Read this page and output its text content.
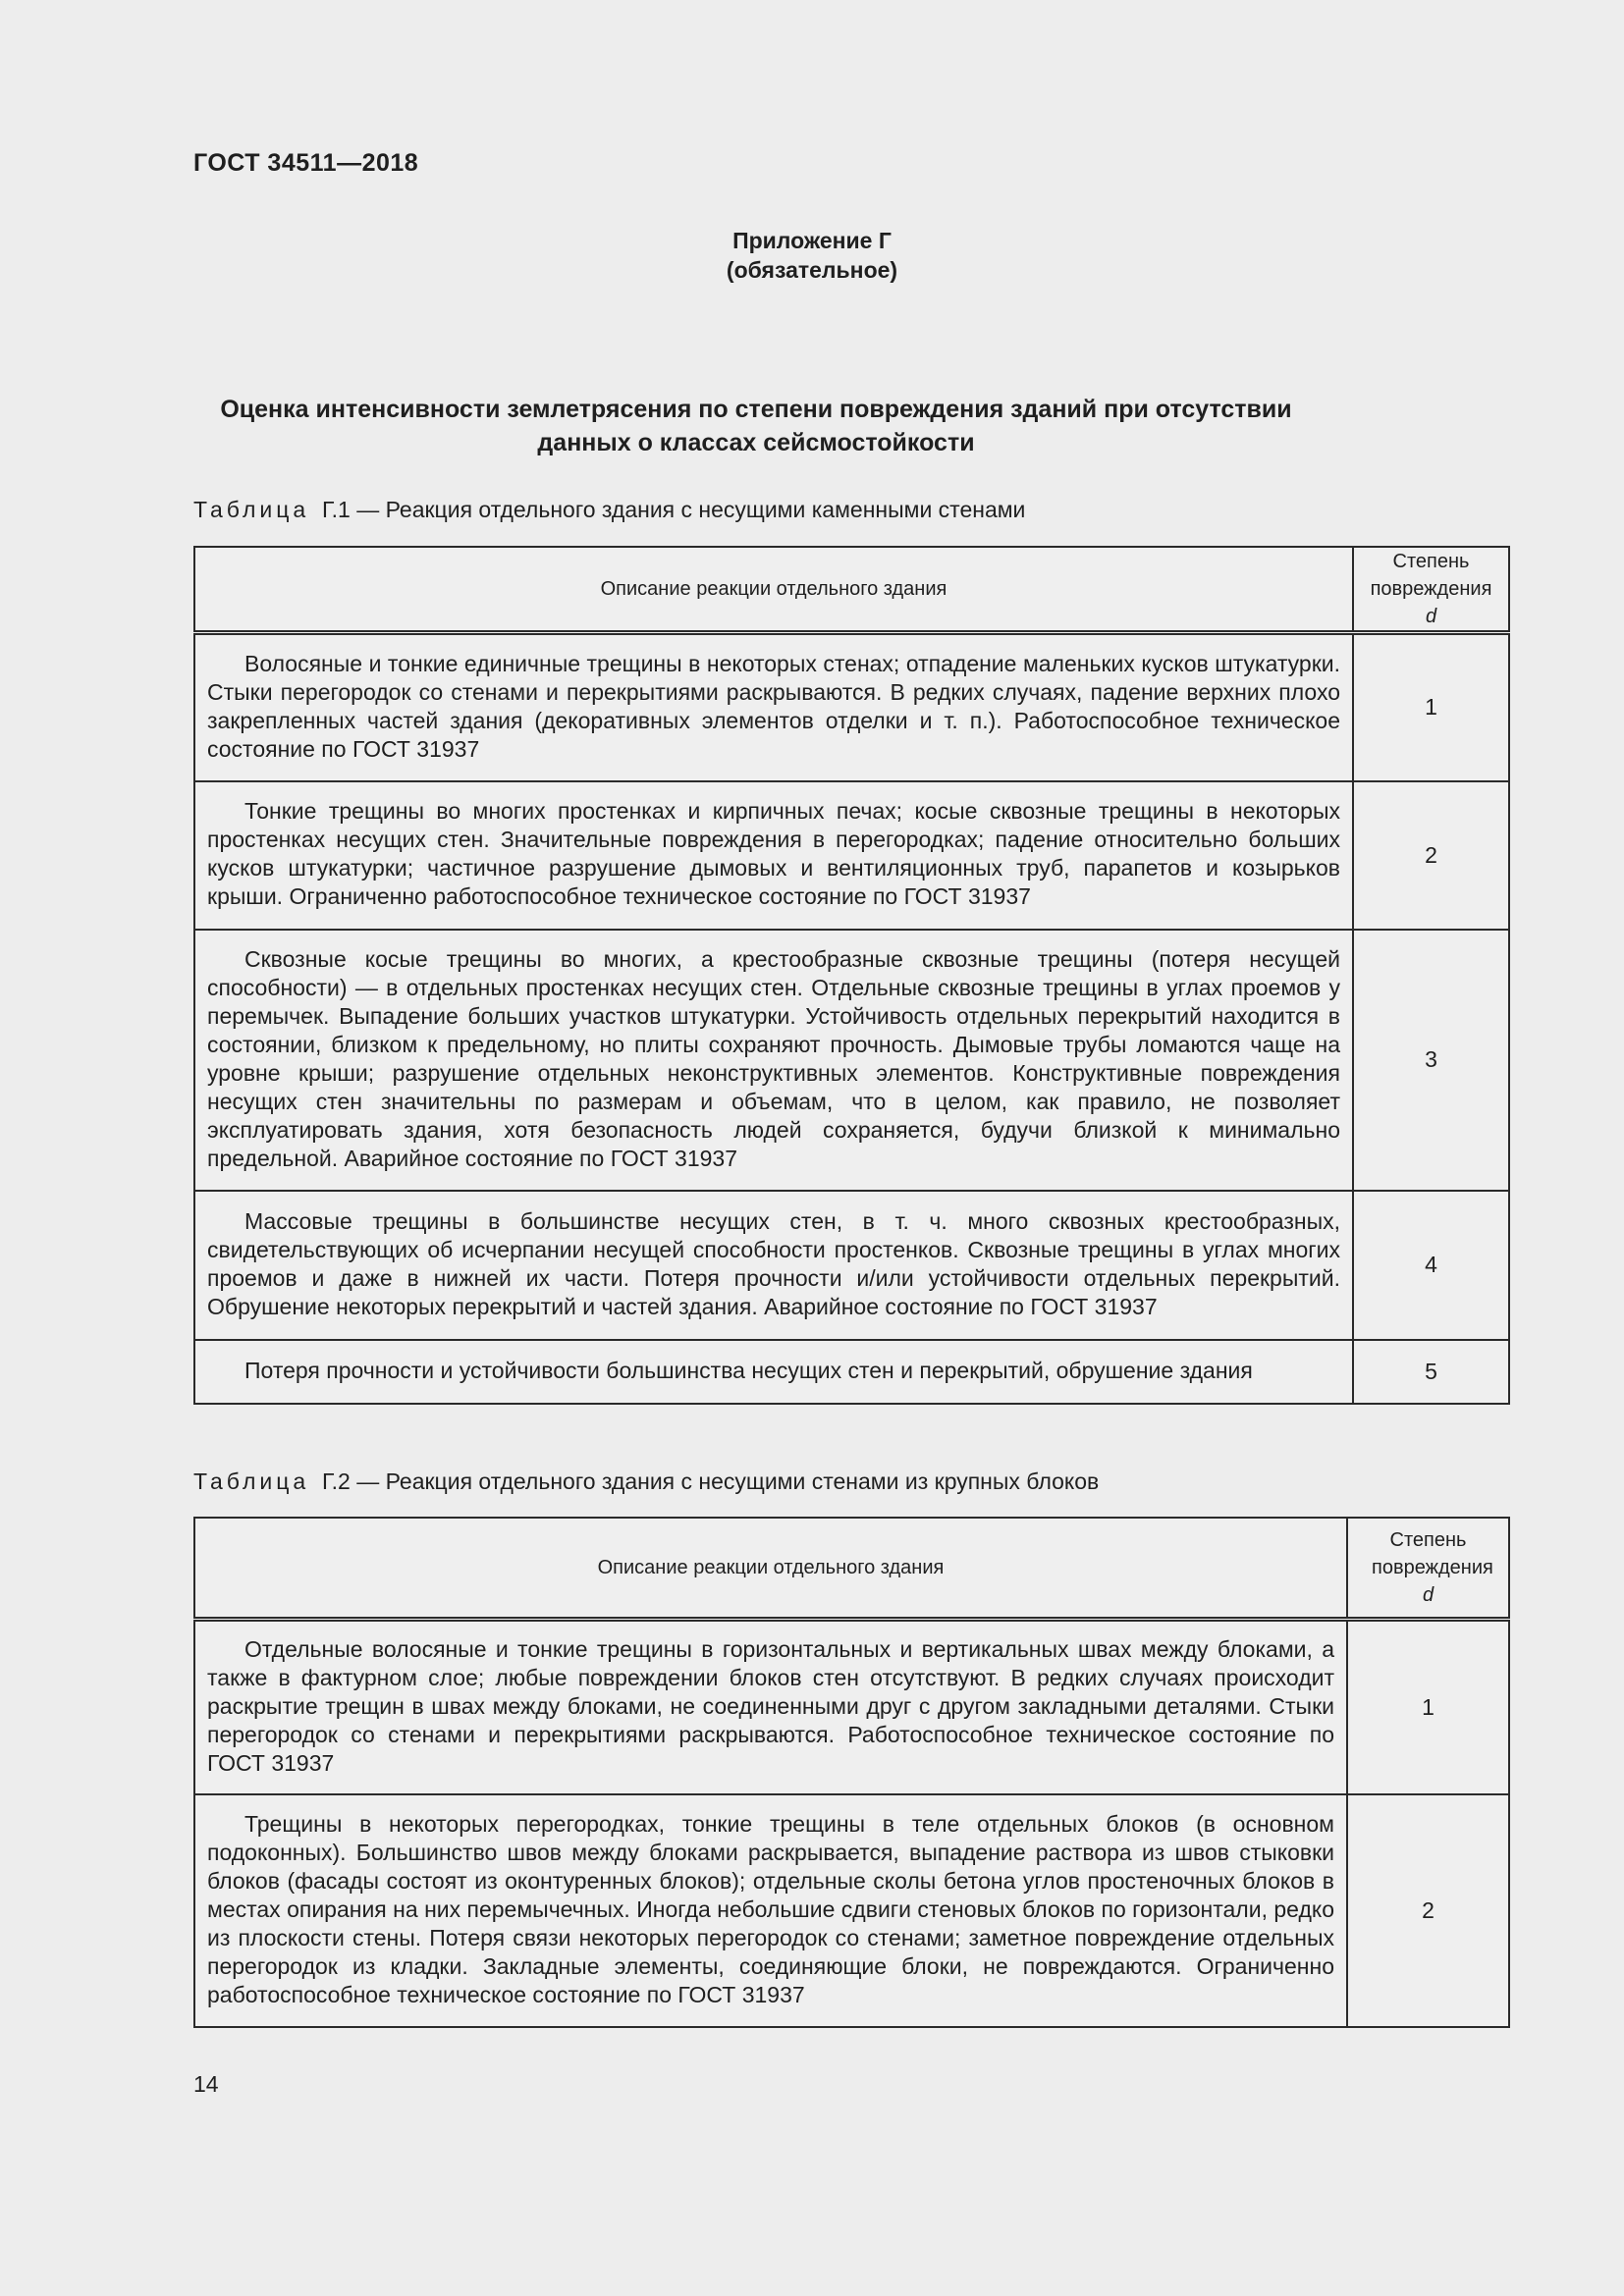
ГОСТ 34511—2018
Приложение Г
(обязательное)
Оценка интенсивности землетрясения по степени повреждения зданий при отсутствии данных о классах сейсмостойкости

Таблица Г.1 — Реакция отдельного здания с несущими каменными стенами

Описание реакции отдельного здания	Степень повреждения d

Волосяные и тонкие единичные трещины в некоторых стенах; отпадение маленьких кусков штукатурки. Стыки перегородок со стенами и перекрытиями раскрываются. В редких случаях, падение верхних плохо закрепленных частей здания (декоративных элементов отделки и т. п.). Работоспособное техническое состояние по ГОСТ 31937	1

Тонкие трещины во многих простенках и кирпичных печах; косые сквозные трещины в некоторых простенках несущих стен. Значительные повреждения в перегородках; падение относительно больших кусков штукатурки; частичное разрушение дымовых и вентиляционных труб, парапетов и козырьков крыши. Ограниченно работоспособное техническое состояние по ГОСТ 31937	2

Сквозные косые трещины во многих, а крестообразные сквозные трещины (потеря несущей способности) — в отдельных простенках несущих стен. Отдельные сквозные трещины в углах проемов у перемычек. Выпадение больших участков штукатурки. Устойчивость отдельных перекрытий находится в состоянии, близком к предельному, но плиты сохраняют прочность. Дымовые трубы ломаются чаще на уровне крыши; разрушение отдельных неконструктивных элементов. Конструктивные повреждения несущих стен значительны по размерам и объемам, что в целом, как правило, не позволяет эксплуатировать здания, хотя безопасность людей сохраняется, будучи близкой к минимально предельной. Аварийное состояние по ГОСТ 31937	3

Массовые трещины в большинстве несущих стен, в т. ч. много сквозных крестообразных, свидетельствующих об исчерпании несущей способности простенков. Сквозные трещины в углах многих проемов и даже в нижней их части. Потеря прочности и/или устойчивости отдельных перекрытий. Обрушение некоторых перекрытий и частей здания. Аварийное состояние по ГОСТ 31937	4

Потеря прочности и устойчивости большинства несущих стен и перекрытий, обрушение здания	5

Таблица Г.2 — Реакция отдельного здания с несущими стенами из крупных блоков

Описание реакции отдельного здания	Степень повреждения d

Отдельные волосяные и тонкие трещины в горизонтальных и вертикальных швах между блоками, а также в фактурном слое; любые повреждении блоков стен отсутствуют. В редких случаях происходит раскрытие трещин в швах между блоками, не соединенными друг с другом закладными деталями. Стыки перегородок со стенами и перекрытиями раскрываются. Работоспособное техническое состояние по ГОСТ 31937	1

Трещины в некоторых перегородках, тонкие трещины в теле отдельных блоков (в основном подоконных). Большинство швов между блоками раскрывается, выпадение раствора из швов стыковки блоков (фасады состоят из оконтуренных блоков); отдельные сколы бетона углов простеночных блоков в местах опирания на них перемычечных. Иногда небольшие сдвиги стеновых блоков по горизонтали, редко из плоскости стены. Потеря связи некоторых перегородок со стенами; заметное повреждение отдельных перегородок из кладки. Закладные элементы, соединяющие блоки, не повреждаются. Ограниченно работоспособное техническое состояние по ГОСТ 31937	2

14
